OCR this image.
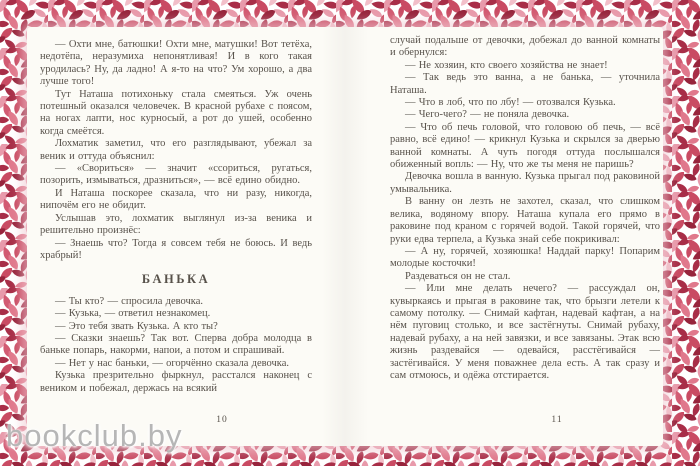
— Охти мне, батюшки! Охти мне, матушки! Вот тетёха, недотёпа, неразумиха непонятливая! И в кого такая уродилась? Ну, да ладно! А я-то на что? Ум хорошо, а два лучше того!

Тут Наташа потихоньку стала смеяться. Уж очень потешный оказался человечек. В красной рубахе с поясом, на ногах лапти, нос курносый, а рот до ушей, особенно когда смеётся.

Лохматик заметил, что его разглядывают, убежал за веник и оттуда объяснил:

— «Свориться» — значит «ссориться, ругаться, позорить, измываться, дразниться», — всё едино обидно.

И Наташа поскорее сказала, что ни разу, никогда, нипочём его не обидит.

Услышав это, лохматик выглянул из-за веника и решительно произнёс:

— Знаешь что? Тогда я совсем тебя не боюсь. И ведь храбрый!

БАНЬКА

— Ты кто? — спросила девочка.

— Кузька, — ответил незнакомец.

— Это тебя звать Кузька. А кто ты?

— Сказки знаешь? Так вот. Сперва добра молодца в баньке попарь, накорми, напои, а потом и спрашивай.

— Нет у нас баньки, — огорчённо сказала девочка.

Кузька презрительно фыркнул, расстался наконец с веником и побежал, держась на всякий

случай подальше от девочки, добежал до ванной комнаты и обернулся:

— Не хозяин, кто своего хозяйства не знает!

— Так ведь это ванна, а не банька, — уточнила Наташа.

— Что в лоб, что по лбу! — отозвался Кузька.

— Чего-чего? — не поняла девочка.

— Что об печь головой, что головою об печь, — всё равно, всё едино! — крикнул Кузька и скрылся за дверью ванной комнаты. А чуть погодя оттуда послышался обиженный вопль: — Ну, что же ты меня не паришь?

Девочка вошла в ванную. Кузька прыгал под раковиной умывальника.

В ванну он лезть не захотел, сказал, что слишком велика, водяному впору. Наташа купала его прямо в раковине под краном с горячей водой. Такой горячей, что руки едва терпела, а Кузька знай себе покрикивал:

— А ну, горячей, хозяюшка! Наддай парку! Попарим молодые косточки!

Раздеваться он не стал.

— Или мне делать нечего? — рассуждал он, кувыркаясь и прыгая в раковине так, что брызги летели к самому потолку. — Снимай кафтан, надевай кафтан, а на нём пуговиц столько, и все застёгнуты. Снимай рубаху, надевай рубаху, а на ней завязки, и все завязаны. Этак всю жизнь раздевайся — одевайся, расстёгивайся — застёгивайся. У меня поважнее дела есть. А так сразу и сам отмоюсь, и одёжа отстирается.

10	11
bookclub.by
